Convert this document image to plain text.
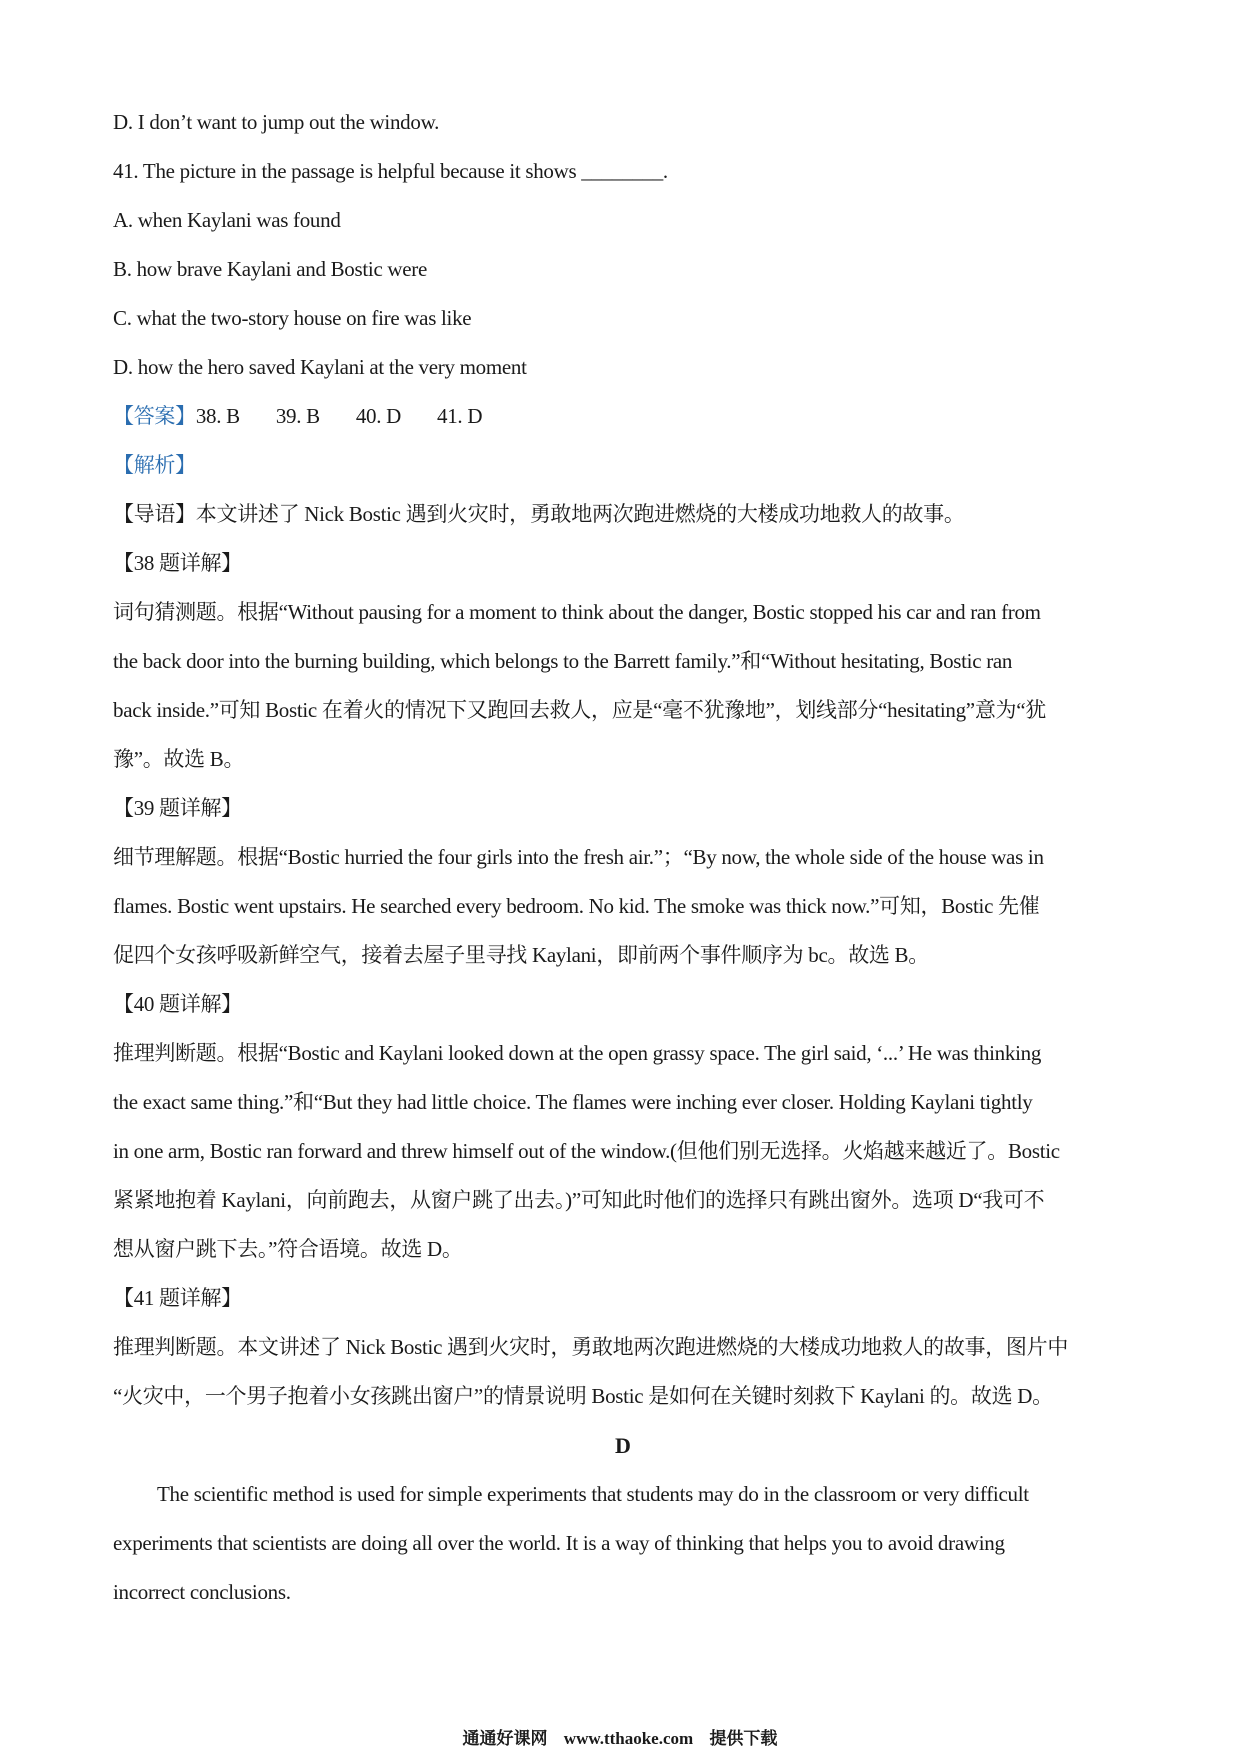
D. I don’t want to jump out the window.
41. The picture in the passage is helpful because it shows ________.
A. when Kaylani was found
B. how brave Kaylani and Bostic were
C. what the two-story house on fire was like
D. how the hero saved Kaylani at the very moment
【答案】38. B 39. B 40. D 41. D
【解析】
【导语】本文讲述了 Nick Bostic 遇到火灾时，勇敢地两次跑进燃烧的大楼成功地救人的故事。
【38 题详解】
词句猜测题。根据“Without pausing for a moment to think about the danger, Bostic stopped his car and ran from
the back door into the burning building, which belongs to the Barrett family.”和“Without hesitating, Bostic ran
back inside.”可知 Bostic 在着火的情况下又跑回去救人，应是“毫不犹豫地”，划线部分“hesitating”意为“犹
豫”。故选 B。
【39 题详解】
细节理解题。根据“Bostic hurried the four girls into the fresh air.”；“By now, the whole side of the house was in
flames. Bostic went upstairs. He searched every bedroom. No kid. The smoke was thick now.”可知，Bostic 先催
促四个女孩呼吸新鲜空气，接着去屋子里寻找 Kaylani，即前两个事件顺序为 bc。故选 B。
【40 题详解】
推理判断题。根据“Bostic and Kaylani looked down at the open grassy space. The girl said, ‘...’ He was thinking
the exact same thing.”和“But they had little choice. The flames were inching ever closer. Holding Kaylani tightly
in one arm, Bostic ran forward and threw himself out of the window.(但他们别无选择。火焰越来越近了。Bostic
紧紧地抱着 Kaylani，向前跑去，从窗户跳了出去。)”可知此时他们的选择只有跳出窗外。选项 D“我可不
想从窗户跳下去。”符合语境。故选 D。
【41 题详解】
推理判断题。本文讲述了 Nick Bostic 遇到火灾时，勇敢地两次跑进燃烧的大楼成功地救人的故事，图片中
“火灾中，一个男子抱着小女孩跳出窗户”的情景说明 Bostic 是如何在关键时刻救下 Kaylani 的。故选 D。
D
The scientific method is used for simple experiments that students may do in the classroom or very difficult
experiments that scientists are doing all over the world. It is a way of thinking that helps you to avoid drawing
incorrect conclusions.
通通好课网 www.tthaoke.com 提供下载
